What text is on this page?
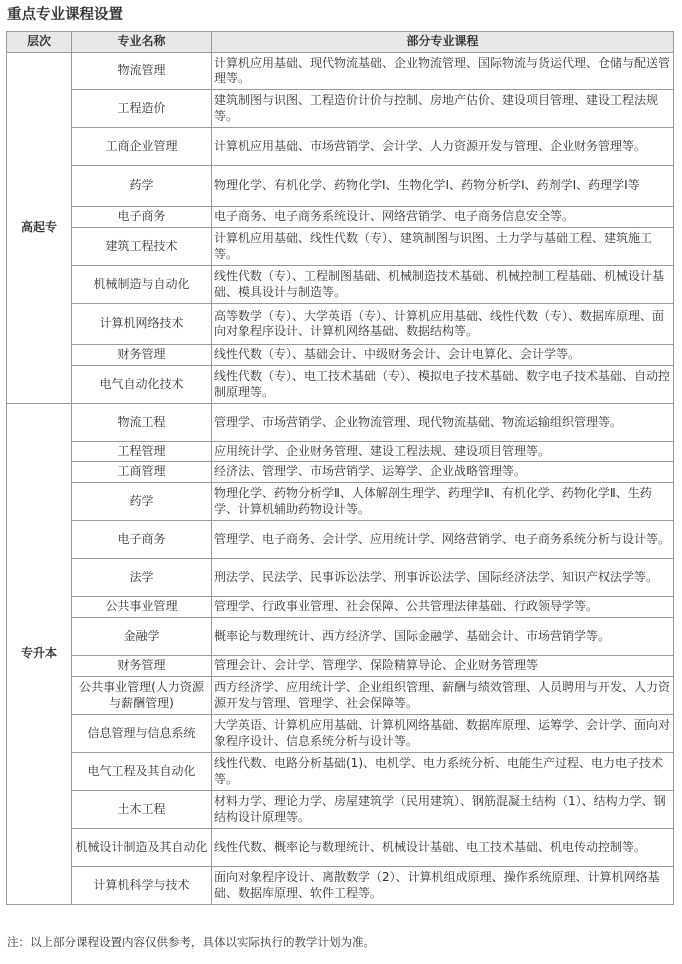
重点专业课程设置
层次	专业名称	部分专业课程
高起专	物流管理	计算机应用基础、现代物流基础、企业物流管理、国际物流与货运代理、仓储与配送管理等。
	工程造价	建筑制图与识图、工程造价计价与控制、房地产估价、建设项目管理、建设工程法规等。
	工商企业管理	计算机应用基础、市场营销学、会计学、人力资源开发与管理、企业财务管理等。
	药学	物理化学、有机化学、药物化学Ⅰ、生物化学Ⅰ、药物分析学Ⅰ、药剂学Ⅰ、药理学Ⅰ等
	电子商务	电子商务、电子商务系统设计、网络营销学、电子商务信息安全等。
	建筑工程技术	计算机应用基础、线性代数（专）、建筑制图与识图、土力学与基础工程、建筑施工等。
	机械制造与自动化	线性代数（专）、工程制图基础、机械制造技术基础、机械控制工程基础、机械设计基础、模具设计与制造等。
	计算机网络技术	高等数学（专）、大学英语（专）、计算机应用基础、线性代数（专）、数据库原理、面向对象程序设计、计算机网络基础、数据结构等。
	财务管理	线性代数（专）、基础会计、中级财务会计、会计电算化、会计学等。
	电气自动化技术	线性代数（专）、电工技术基础（专）、模拟电子技术基础、数字电子技术基础、自动控制原理等。
专升本	物流工程	管理学、市场营销学、企业物流管理、现代物流基础、物流运输组织管理等。
	工程管理	应用统计学、企业财务管理、建设工程法规、建设项目管理等。
	工商管理	经济法、管理学、市场营销学、运筹学、企业战略管理等。
	药学	物理化学、药物分析学Ⅱ、人体解剖生理学、药理学Ⅱ、有机化学、药物化学Ⅱ、生药学、计算机辅助药物设计等。
	电子商务	管理学、电子商务、会计学、应用统计学、网络营销学、电子商务系统分析与设计等。
	法学	刑法学、民法学、民事诉讼法学、刑事诉讼法学、国际经济法学、知识产权法学等。
	公共事业管理	管理学、行政事业管理、社会保障、公共管理法律基础、行政领导学等。
	金融学	概率论与数理统计、西方经济学、国际金融学、基础会计、市场营销学等。
	财务管理	管理会计、会计学、管理学、保险精算导论、企业财务管理等
	公共事业管理(人力资源与薪酬管理)	西方经济学、应用统计学、企业组织管理、薪酬与绩效管理、人员聘用与开发、人力资源开发与管理、管理学、社会保障等。
	信息管理与信息系统	大学英语、计算机应用基础、计算机网络基础、数据库原理、运筹学、会计学、面向对象程序设计、信息系统分析与设计等。
	电气工程及其自动化	线性代数、电路分析基础(1)、电机学、电力系统分析、电能生产过程、电力电子技术等。
	土木工程	材料力学、理论力学、房屋建筑学（民用建筑）、钢筋混凝土结构（1）、结构力学、钢结构设计原理等。
	机械设计制造及其自动化	线性代数、概率论与数理统计、机械设计基础、电工技术基础、机电传动控制等。
	计算机科学与技术	面向对象程序设计、离散数学（2）、计算机组成原理、操作系统原理、计算机网络基础、数据库原理、软件工程等。
注：以上部分课程设置内容仅供参考，具体以实际执行的教学计划为准。
